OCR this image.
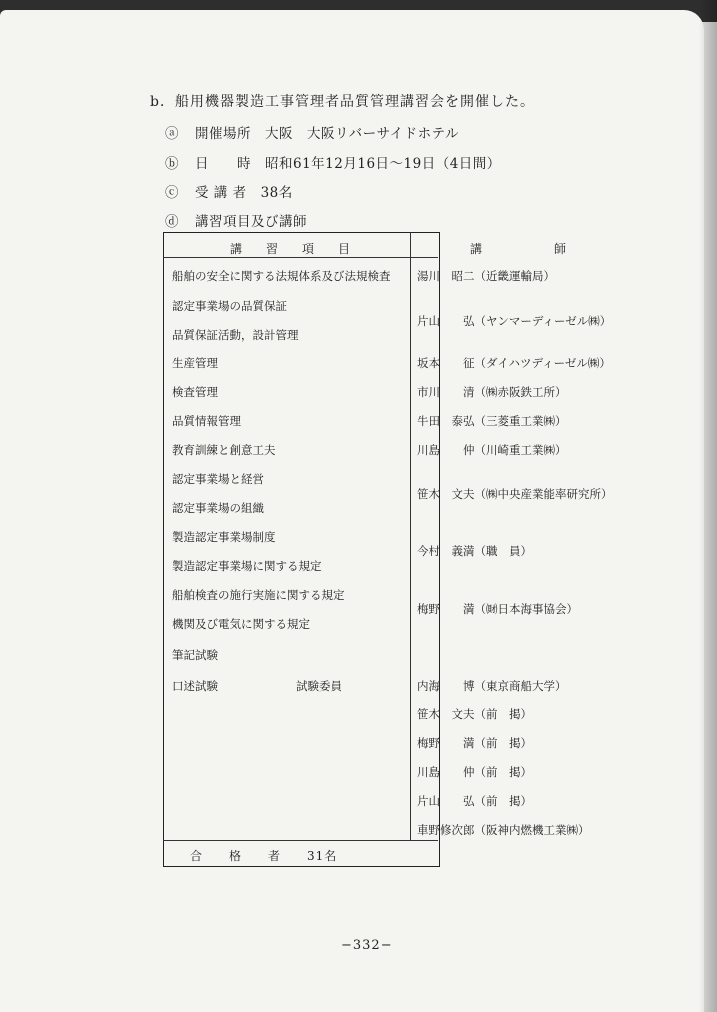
b．船用機器製造工事管理者品質管理講習会を開催した。
ⓐ 開催場所　大阪　大阪リバーサイドホテル
ⓑ 日　　時　昭和61年12月16日〜19日（4日間）
ⓒ 受 講 者　38名
ⓓ 講習項目及び講師
講　　習　　項　　目	講　　　　　　師
船舶の安全に関する法規体系及び法規検査
認定事業場の品質保証
品質保証活動，設計管理
生産管理
検査管理
品質情報管理
教育訓練と創意工夫
認定事業場と経営
認定事業場の組織
製造認定事業場制度
製造認定事業場に関する規定
船舶検査の施行実施に関する規定
機関及び電気に関する規定
筆記試験
口述試験	試験委員
湯川　昭二（近畿運輸局）
片山　　弘（ヤンマーディーゼル㈱）
坂本　　征（ダイハツディーゼル㈱）
市川　　清（㈱赤阪鉄工所）
牛田　泰弘（三菱重工業㈱）
川島　　仲（川崎重工業㈱）
笹木　文夫（㈱中央産業能率研究所）
今村　義満（職　員）
梅野　　満（㈶日本海事協会）
内海　　博（東京商船大学）
笹木　文夫（前　掲）
梅野　　満（前　掲）
川島　　仲（前　掲）
片山　　弘（前　掲）
車野修次郎（阪神内燃機工業㈱）
合　　格　　者　　31名
−332−
